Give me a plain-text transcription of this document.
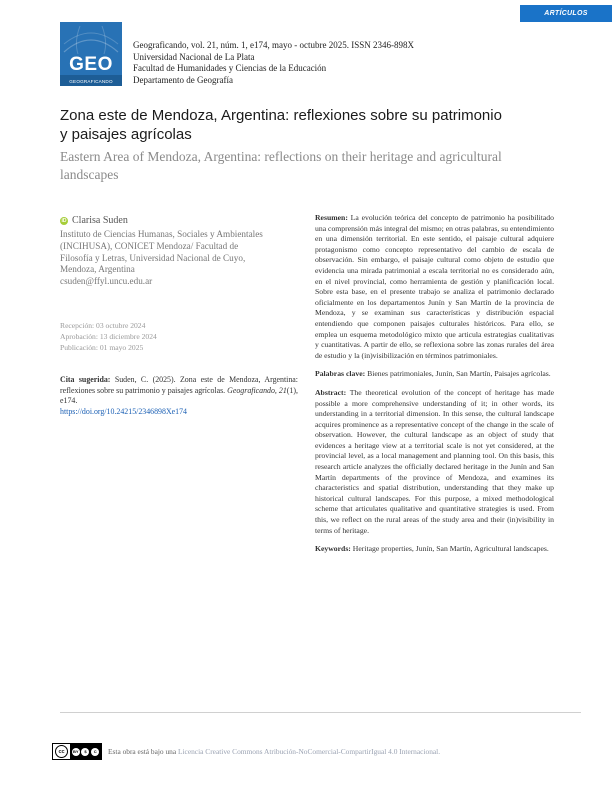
ARTÍCULOS
GEO
GEOGRAFICANDO
Geograficando, vol. 21, núm. 1, e174, mayo - octubre 2025. ISSN 2346-898X
Universidad Nacional de La Plata
Facultad de Humanidades y Ciencias de la Educación
Departamento de Geografía
Zona este de Mendoza, Argentina: reflexiones sobre su patrimonio
y paisajes agrícolas
Eastern Area of Mendoza, Argentina: reflections on their heritage and agricultural
landscapes
iD Clarisa Suden
Instituto de Ciencias Humanas, Sociales y Ambientales
(INCIHUSA), CONICET Mendoza/ Facultad de
Filosofía y Letras, Universidad Nacional de Cuyo,
Mendoza, Argentina
csuden@ffyl.uncu.edu.ar
Recepción: 03 octubre 2024
Aprobación: 13 diciembre 2024
Publicación: 01 mayo 2025
Cita sugerida: Suden, C. (2025). Zona este de Mendoza, Argentina: reflexiones sobre su patrimonio y paisajes agrícolas. Geograficando, 21(1), e174.
https://doi.org/10.24215/2346898Xe174

Resumen: La evolución teórica del concepto de patrimonio ha posibilitado una comprensión más integral del mismo; en otras palabras, su entendimiento en una dimensión territorial. En este sentido, el paisaje cultural adquiere protagonismo como concepto representativo del cambio de escala de observación. Sin embargo, el paisaje cultural como objeto de estudio que evidencia una mirada patrimonial a escala territorial no es considerado aún, en el nivel provincial, como herramienta de gestión y planificación local. Sobre esta base, en el presente trabajo se analiza el patrimonio declarado oficialmente en los departamentos Junín y San Martín de la provincia de Mendoza, y se examinan sus características y distribución espacial entendiendo que componen paisajes culturales históricos. Para ello, se emplea un esquema metodológico mixto que articula estrategias cualitativas y cuantitativas. A partir de ello, se reflexiona sobre las zonas rurales del área de estudio y la (in)visibilización en términos patrimoniales.

Palabras clave: Bienes patrimoniales, Junín, San Martín, Paisajes agrícolas.

Abstract: The theoretical evolution of the concept of heritage has made possible a more comprehensive understanding of it; in other words, its understanding in a territorial dimension. In this sense, the cultural landscape acquires prominence as a representative concept of the change in the scale of observation. However, the cultural landscape as an object of study that evidences a heritage view at a territorial scale is not yet considered, at the provincial level, as a local management and planning tool. On this basis, this research article analyzes the officially declared heritage in the Junín and San Martín departments of the province of Mendoza, and examines its characteristics and spatial distribution, understanding that they make up historical cultural landscapes. For this purpose, a mixed methodological scheme that articulates qualitative and quantitative strategies is used. From this, we reflect on the rural areas of the study area and their (in)visibility in terms of heritage.

Keywords: Heritage properties, Junín, San Martín, Agricultural landscapes.

cc	BY	$	C	Esta obra está bajo una Licencia Creative Commons Atribución-NoComercial-CompartirIgual 4.0 Internacional.
